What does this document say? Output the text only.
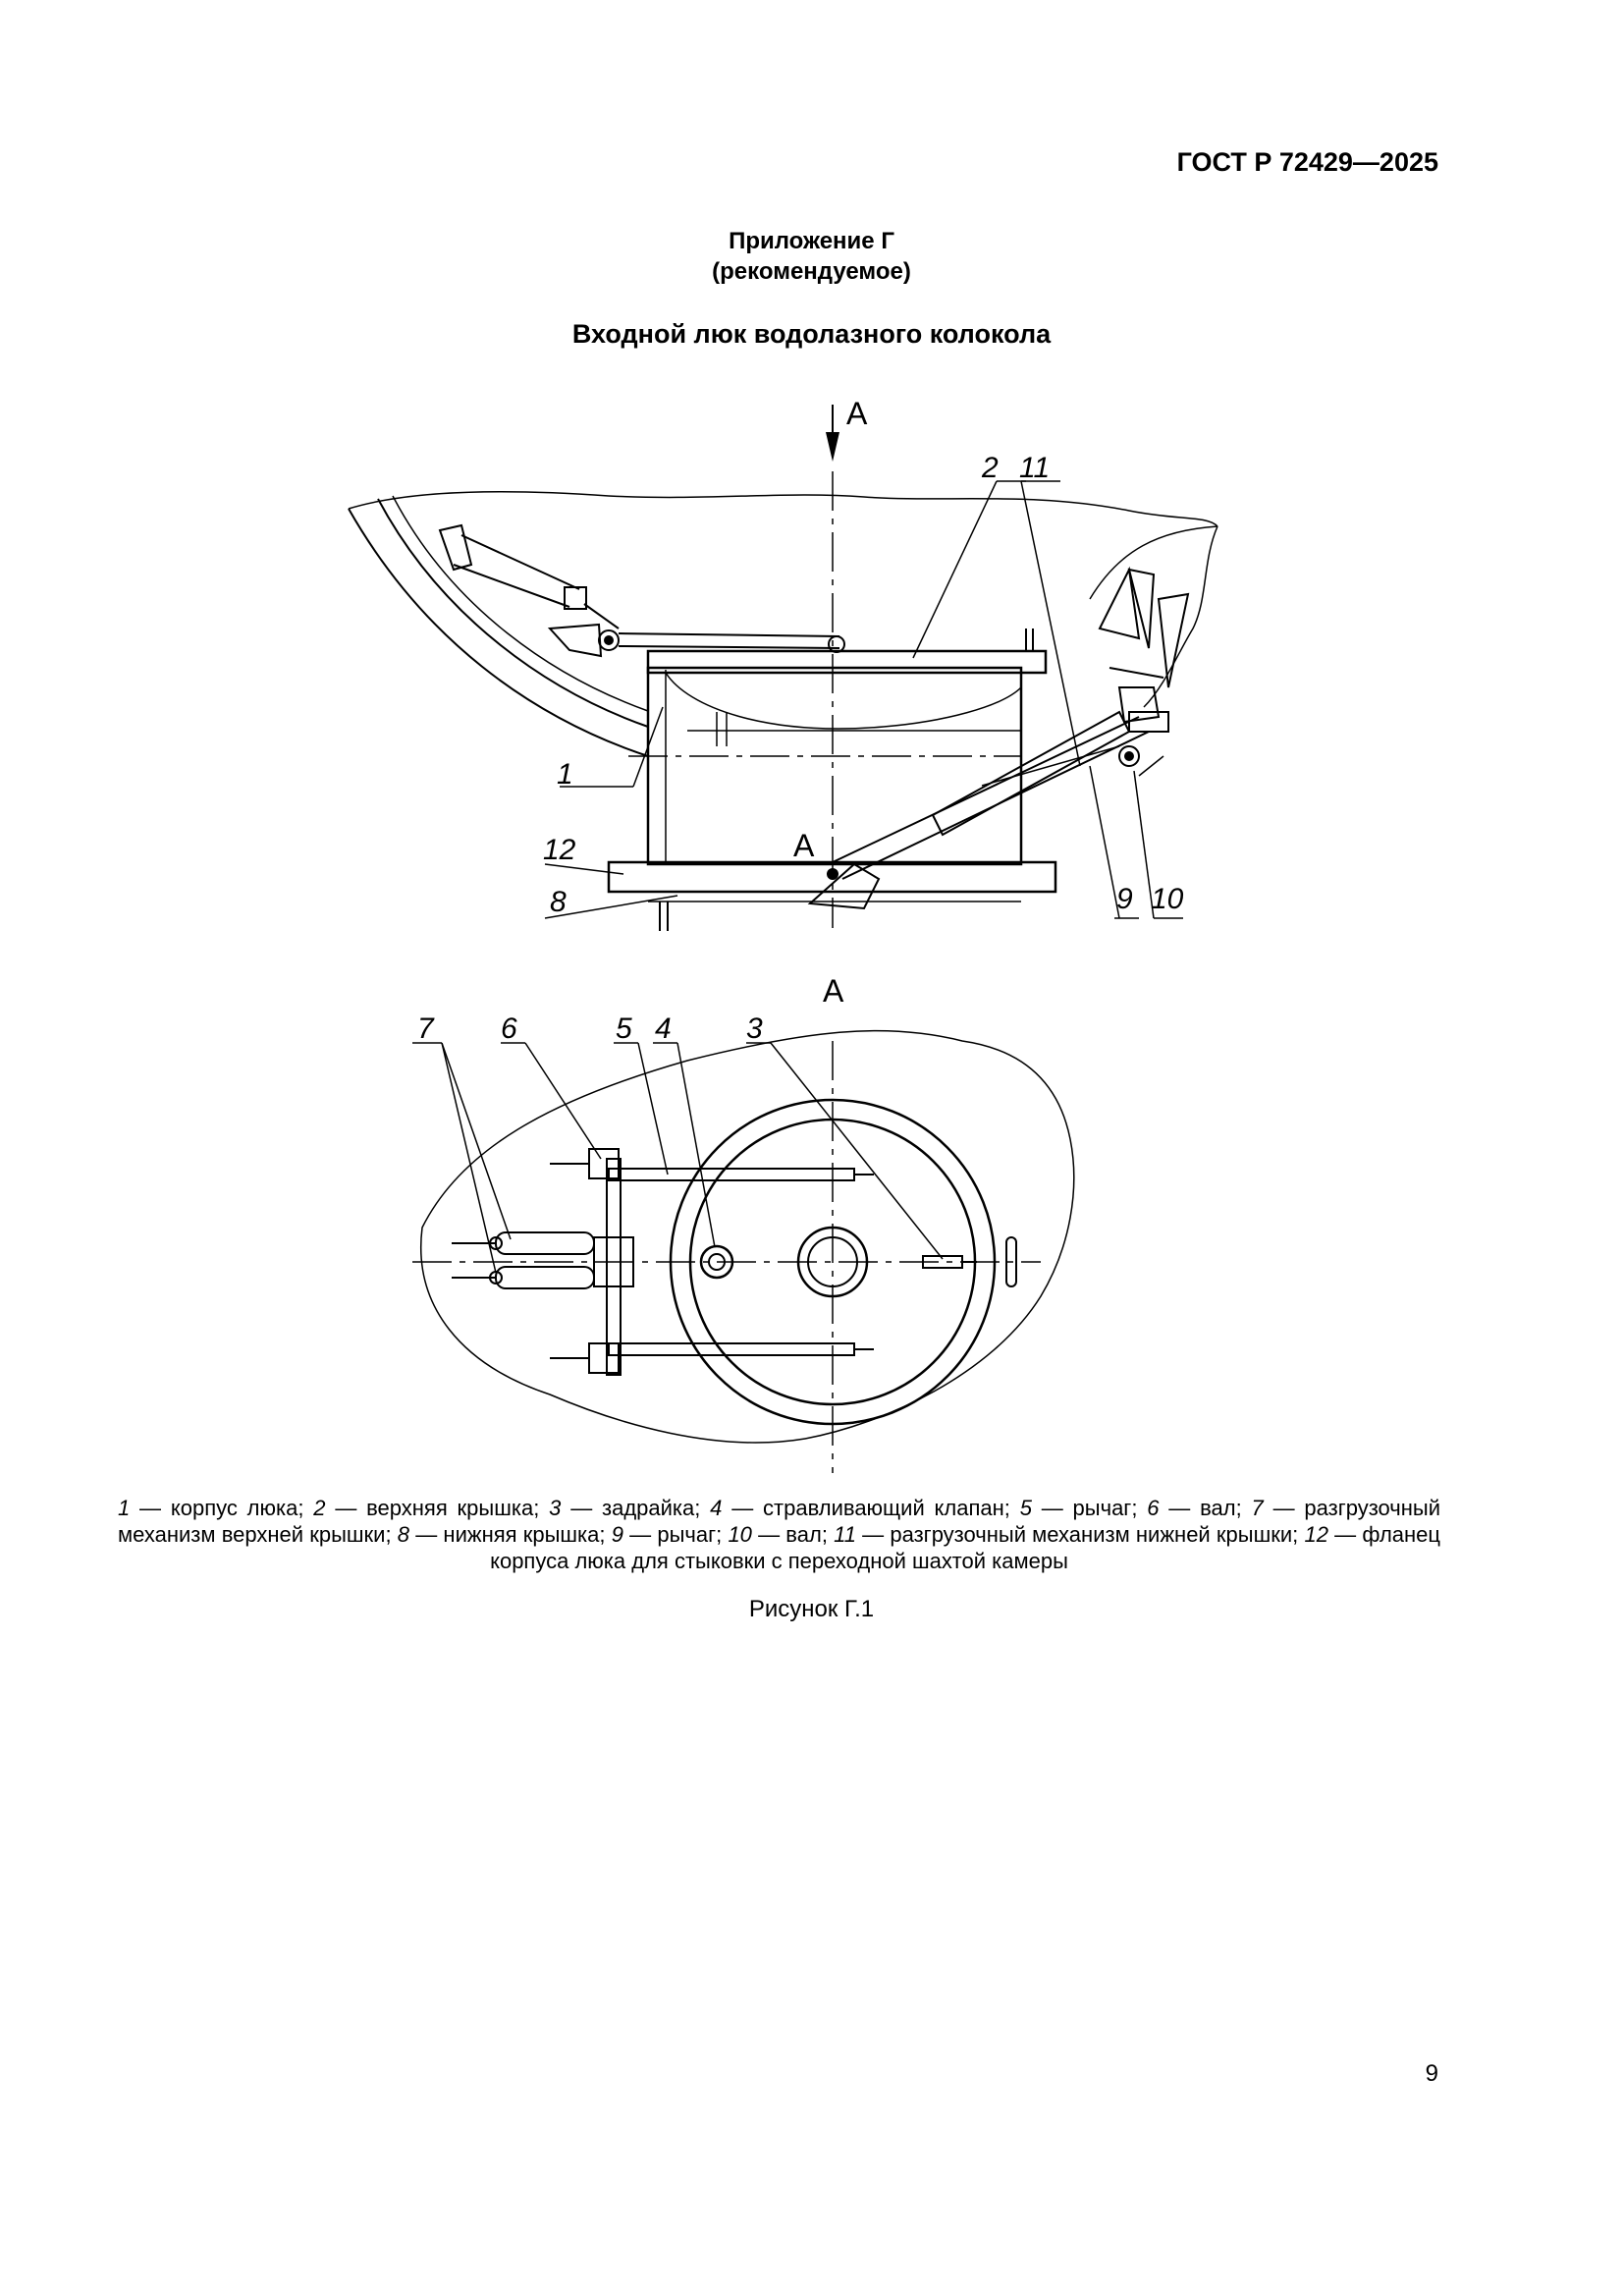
ГОСТ Р 72429—2025
Приложение Г
(рекомендуемое)
Входной люк водолазного колокола
А
А
А
1
2 11
12
8	9 10
7 6	5 4	3
1 — корпус люка; 2 — верхняя крышка; 3 — задрайка; 4 — стравливающий клапан; 5 — рычаг; 6 — вал; 7 — разгрузочный
механизм верхней крышки; 8 — нижняя крышка; 9 — рычаг; 10 — вал; 11 — разгрузочный механизм нижней крышки; 12 — фланец
корпуса люка для стыковки с переходной шахтой камеры
Рисунок Г.1
9
